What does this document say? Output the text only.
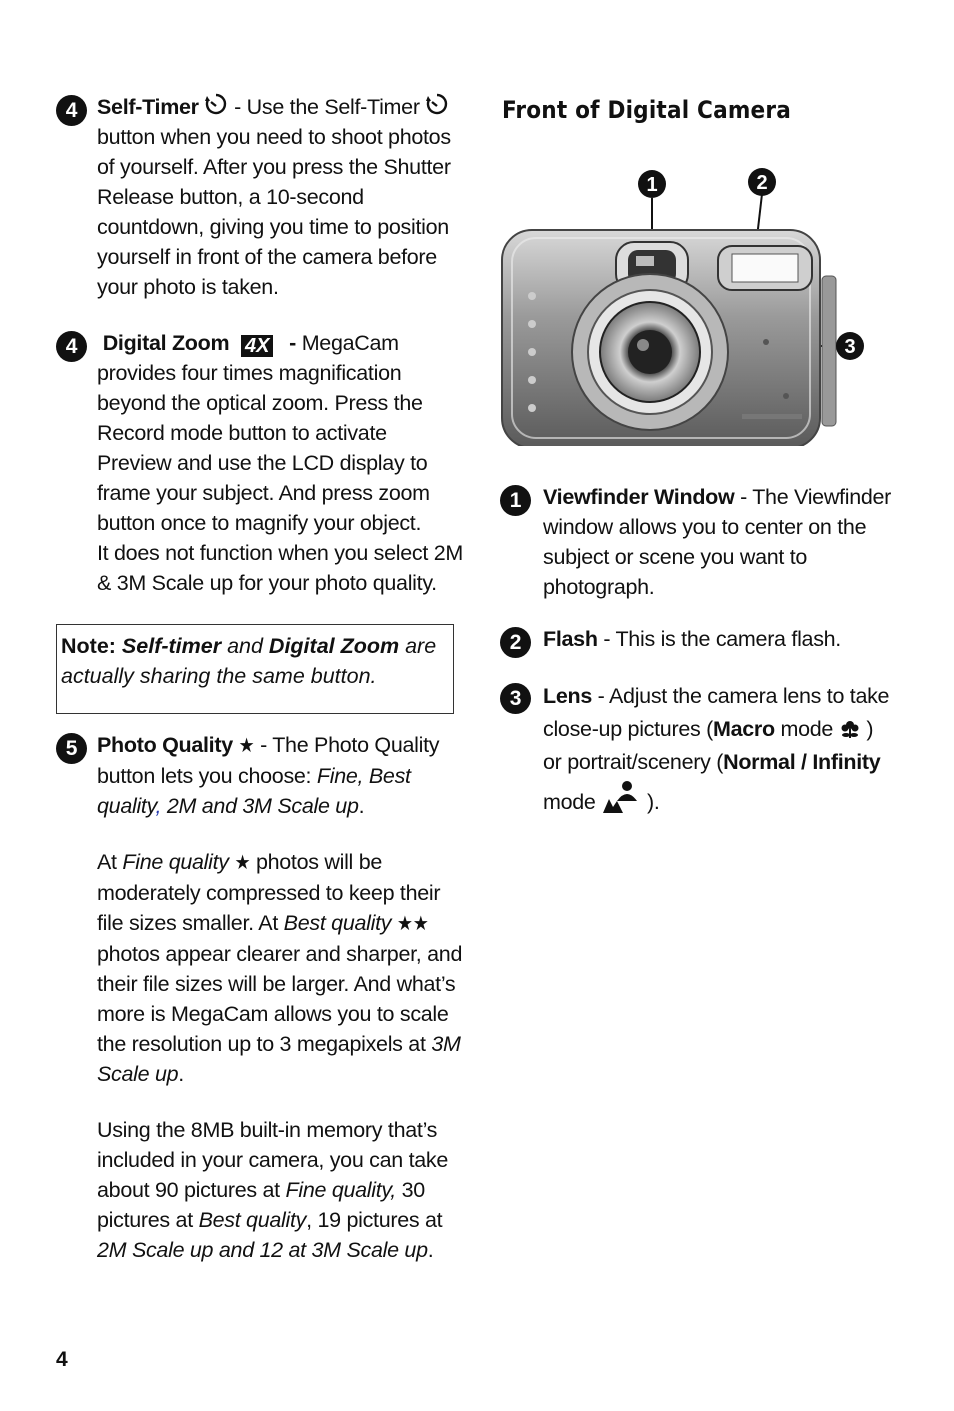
4 Self-Timer - Use the Self-Timer  button when you need to shoot photos of yourself. After you press the Shutter Release button, a 10-second countdown, giving you time to position yourself in front of the camera before your photo is taken.

4	Digital Zoom 4X - MegaCam provides four times magnification beyond the optical zoom. Press the Record mode button to activate Preview and use the LCD display to frame your subject. And press zoom button once to magnify your object.
It does not function when you select 2M & 3M Scale up for your photo quality.

Note: Self-timer and Digital Zoom are actually sharing the same button.
5 Photo Quality ★ - The Photo Quality
button lets you choose: Fine, Best quality, 2M and 3M Scale up.

At Fine quality ★ photos will be moderately compressed to keep their file sizes smaller. At Best quality ★★ photos appear clearer and sharper, and their file sizes will be larger. And what’s more is MegaCam allows you to scale the resolution up to 3 megapixels at 3M Scale up.

Using the 8MB built-in memory that’s included in your camera, you can take about 90 pictures at Fine quality, 30 pictures at Best quality, 19 pictures at 2M Scale up and 12 at 3M Scale up.

Front of Digital Camera
1	2
3
1	Viewfinder Window - The Viewfinder window allows you to center on the subject or scene you want to photograph.

2	Flash - This is the camera flash.

3	Lens - Adjust the camera lens to take close-up pictures (Macro mode  )
or portrait/scenery (Normal / Infinity
mode  ).

4
